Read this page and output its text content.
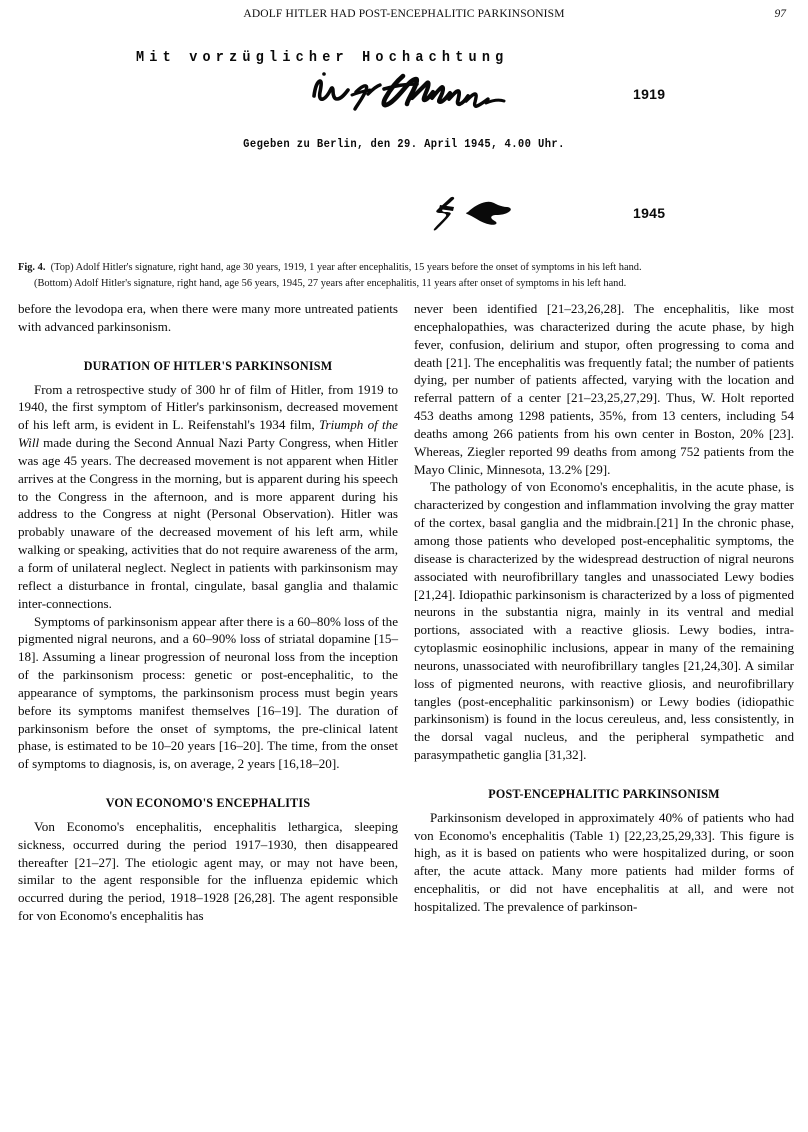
ADOLF HITLER HAD POST-ENCEPHALITIC PARKINSONISM	97
Mit vorzüglicher Hochachtung
1919
Gegeben zu Berlin, den 29. April 1945, 4.00 Uhr.
1945
Fig. 4. (Top) Adolf Hitler's signature, right hand, age 30 years, 1919, 1 year after encephalitis, 15 years before the onset of symptoms in his left hand.
(Bottom) Adolf Hitler's signature, right hand, age 56 years, 1945, 27 years after encephalitis, 11 years after onset of symptoms in his left hand.

before the levodopa era, when there were many more untreated patients with advanced parkinsonism.

DURATION OF HITLER'S PARKINSONISM

From a retrospective study of 300 hr of film of Hitler, from 1919 to 1940, the first symptom of Hitler's parkinsonism, decreased movement of his left arm, is evident in L. Reifenstahl's 1934 film, Triumph of the Will made during the Second Annual Nazi Party Congress, when Hitler was age 45 years. The decreased movement is not apparent when Hitler arrives at the Congress in the morning, but is apparent during his speech to the Congress in the afternoon, and is more apparent during his address to the Congress at night (Personal Observation). Hitler was probably unaware of the decreased movement of his left arm, while walking or speaking, activities that do not require awareness of the arm, a form of unilateral neglect. Neglect in patients with parkinsonism may reflect a disturbance in frontal, cingulate, basal ganglia and thalamic inter-connections.

Symptoms of parkinsonism appear after there is a 60–80% loss of the pigmented nigral neurons, and a 60–90% loss of striatal dopamine [15–18]. Assuming a linear progression of neuronal loss from the inception of the parkinsonism process: genetic or post-encephalitic, to the appearance of symptoms, the parkinsonism process must begin years before its symptoms manifest themselves [16–19]. The duration of parkinsonism before the onset of symptoms, the pre-clinical latent phase, is estimated to be 10–20 years [16–20]. The time, from the onset of symptoms to diagnosis, is, on average, 2 years [16,18–20].

VON ECONOMO'S ENCEPHALITIS

Von Economo's encephalitis, encephalitis lethargica, sleeping sickness, occurred during the period 1917–1930, then disappeared thereafter [21–27]. The etiologic agent may, or may not have been, similar to the agent responsible for the influenza epidemic which occurred during the period, 1918–1928 [26,28]. The agent responsible for von Economo's encephalitis has

never been identified [21–23,26,28]. The encephalitis, like most encephalopathies, was characterized during the acute phase, by high fever, confusion, delirium and stupor, often progressing to coma and death [21]. The encephalitis was frequently fatal; the number of patients dying, per number of patients affected, varying with the location and referral pattern of a center [21–23,25,27,29]. Thus, W. Holt reported 453 deaths among 1298 patients, 35%, from 13 centers, including 54 deaths among 266 patients from his own center in Boston, 20% [23]. Whereas, Ziegler reported 99 deaths from among 752 patients from the Mayo Clinic, Minnesota, 13.2% [29].

The pathology of von Economo's encephalitis, in the acute phase, is characterized by congestion and inflammation involving the gray matter of the cortex, basal ganglia and the midbrain.[21] In the chronic phase, among those patients who developed post-encephalitic symptoms, the disease is characterized by the widespread destruction of nigral neurons associated with neurofibrillary tangles and unassociated Lewy bodies [21,24]. Idiopathic parkinsonism is characterized by a loss of pigmented neurons in the substantia nigra, mainly in its ventral and medial portions, associated with a reactive gliosis. Lewy bodies, intra-cytoplasmic eosinophilic inclusions, appear in many of the remaining neurons, unassociated with neurofibrillary tangles [21,24,30]. A similar loss of pigmented neurons, with reactive gliosis, and neurofibrillary tangles (post-encephalitic parkinsonism) or Lewy bodies (idiopathic parkinsonism) is found in the locus cereuleus, and, less consistently, in the dorsal vagal nucleus, and the peripheral sympathetic and parasympathetic ganglia [31,32].

POST-ENCEPHALITIC PARKINSONISM

Parkinsonism developed in approximately 40% of patients who had von Economo's encephalitis (Table 1) [22,23,25,29,33]. This figure is high, as it is based on patients who were hospitalized during, or soon after, the acute attack. Many more patients had milder forms of encephalitis, or did not have encephalitis at all, and were not hospitalized. The prevalence of parkinson-
